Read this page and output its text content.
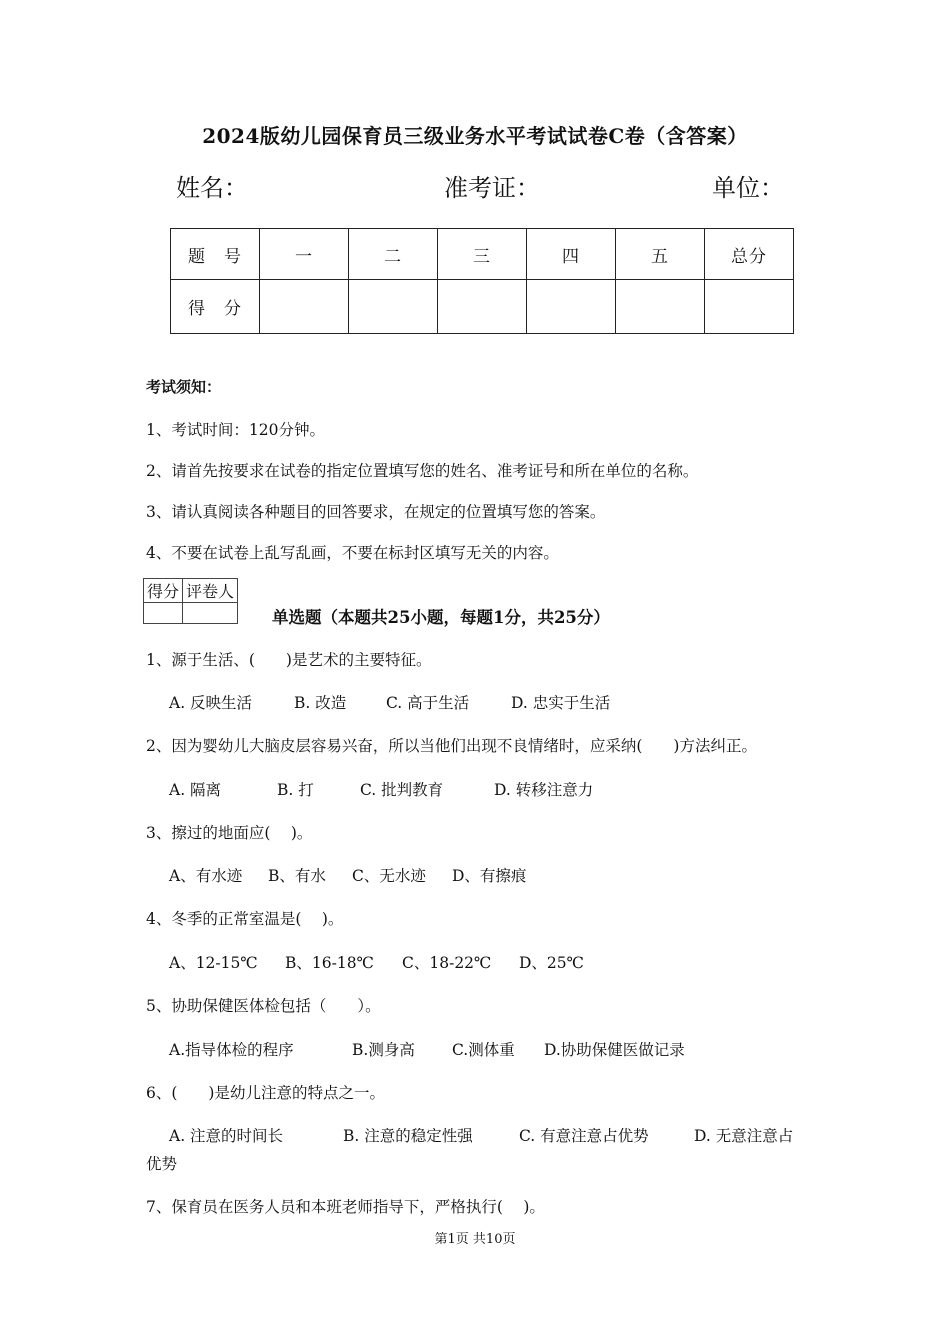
2024版幼儿园保育员三级业务水平考试试卷C卷（含答案）
姓名：	准考证：	单位：
题　号	一	二	三	四	五	总分
得　分						
考试须知：
1、考试时间：120分钟。
2、请首先按要求在试卷的指定位置填写您的姓名、准考证号和所在单位的名称。
3、请认真阅读各种题目的回答要求，在规定的位置填写您的答案。
4、不要在试卷上乱写乱画，不要在标封区填写无关的内容。
得分	评卷人

单选题（本题共25小题，每题1分，共25分）
1、源于生活、(　　)是艺术的主要特征。
A. 反映生活	B. 改造	C. 高于生活	D. 忠实于生活
2、因为婴幼儿大脑皮层容易兴奋，所以当他们出现不良情绪时，应采纳(　　)方法纠正。
A. 隔离	B. 打	C. 批判教育	D. 转移注意力
3、擦过的地面应(　 )。
A、有水迹 B、有水 C、无水迹 D、有擦痕
4、冬季的正常室温是(　 )。
A、12-15℃ B、16-18℃ C、18-22℃ D、25℃
5、协助保健医体检包括（　　）。
A.指导体检的程序	B.测身高 C.测体重 D.协助保健医做记录
6、(　　)是幼儿注意的特点之一。
A. 注意的时间长	B. 注意的稳定性强	C. 有意注意占优势	D. 无意注意占
优势
7、保育员在医务人员和本班老师指导下，严格执行(　 )。
第1页 共10页
